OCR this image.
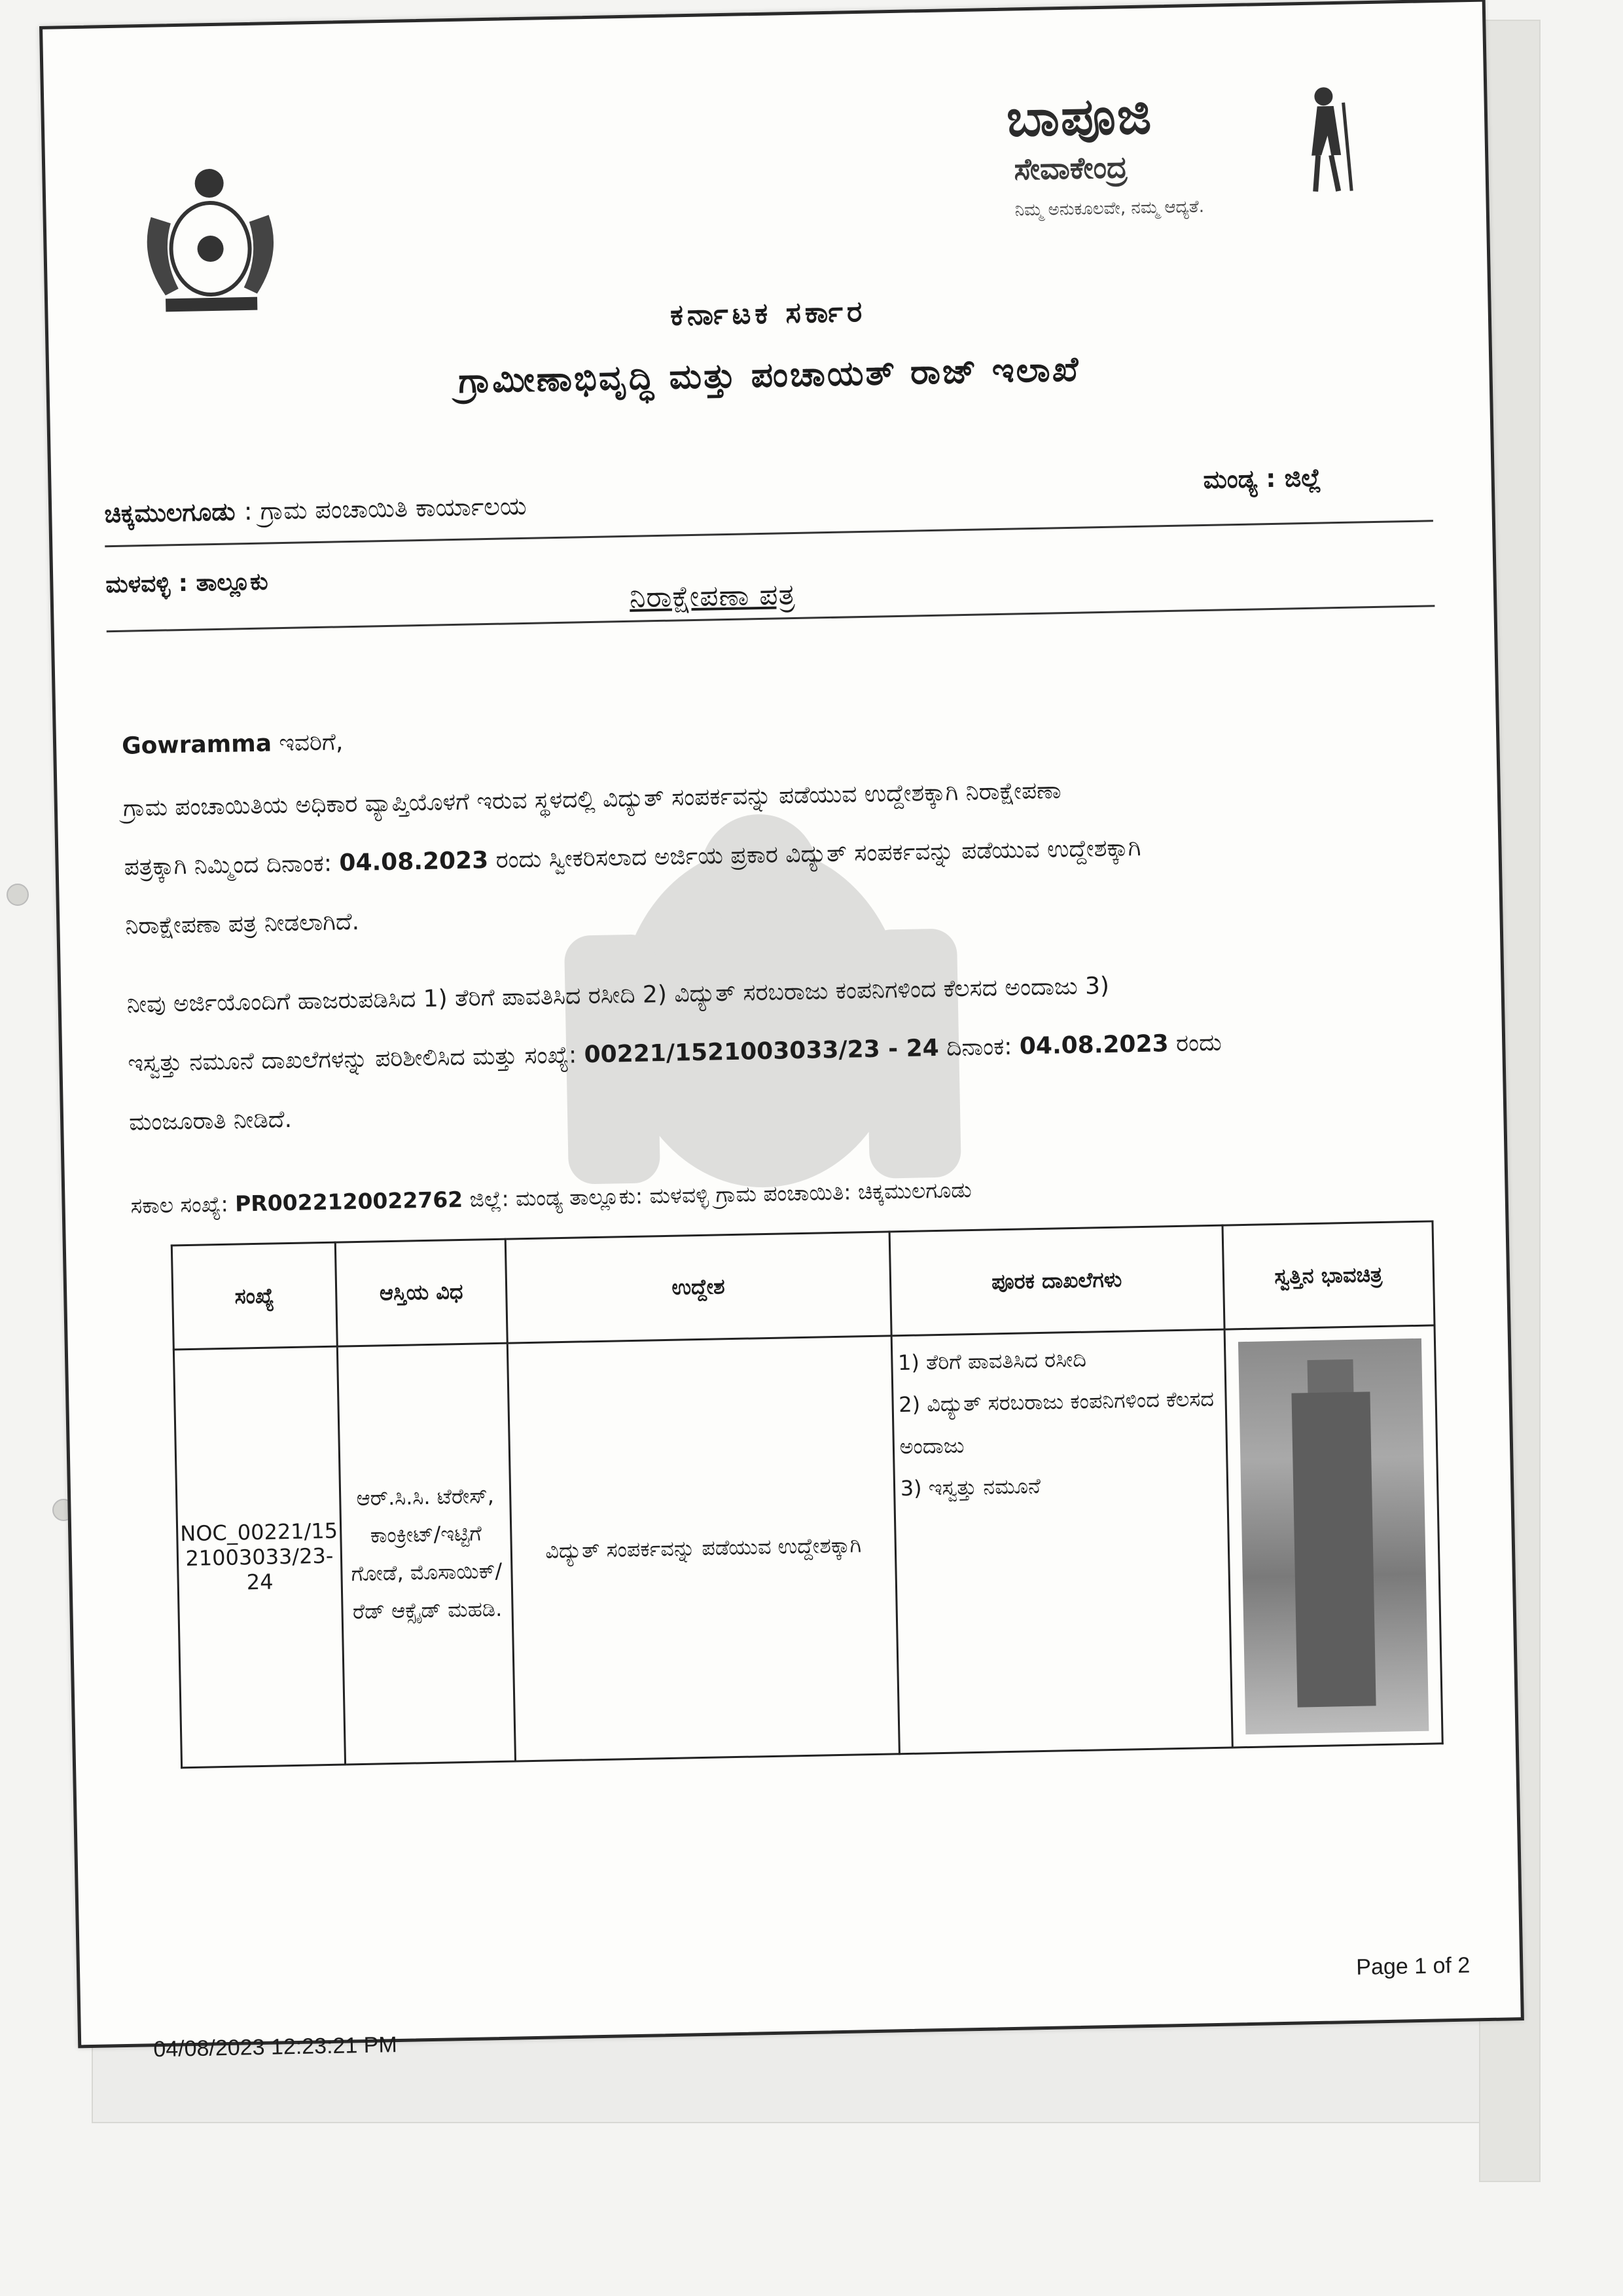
ಬಾಪೂಜಿ
ಸೇವಾಕೇಂದ್ರ
ನಿಮ್ಮ ಅನುಕೂಲವೇ, ನಮ್ಮ ಆದ್ಯತೆ.
ಕರ್ನಾಟಕ ಸರ್ಕಾರ
ಗ್ರಾಮೀಣಾಭಿವೃದ್ಧಿ ಮತ್ತು ಪಂಚಾಯತ್ ರಾಜ್ ಇಲಾಖೆ
ಚಿಕ್ಕಮುಲಗೂಡು : ಗ್ರಾಮ ಪಂಚಾಯಿತಿ ಕಾರ್ಯಾಲಯ
ಮಂಡ್ಯ : ಜಿಲ್ಲೆ
ಮಳವಳ್ಳಿ : ತಾಲ್ಲೂಕು	ನಿರಾಕ್ಷೇಪಣಾ ಪತ್ರ
Gowramma ಇವರಿಗೆ,
ಗ್ರಾಮ ಪಂಚಾಯಿತಿಯ ಅಧಿಕಾರ ವ್ಯಾಪ್ತಿಯೊಳಗೆ ಇರುವ ಸ್ಥಳದಲ್ಲಿ ವಿದ್ಯುತ್ ಸಂಪರ್ಕವನ್ನು ಪಡೆಯುವ ಉದ್ದೇಶಕ್ಕಾಗಿ ನಿರಾಕ್ಷೇಪಣಾ
ಪತ್ರಕ್ಕಾಗಿ ನಿಮ್ಮಿಂದ ದಿನಾಂಕ: 04.08.2023 ರಂದು ಸ್ವೀಕರಿಸಲಾದ ಅರ್ಜಿಯ ಪ್ರಕಾರ ವಿದ್ಯುತ್ ಸಂಪರ್ಕವನ್ನು ಪಡೆಯುವ ಉದ್ದೇಶಕ್ಕಾಗಿ
ನಿರಾಕ್ಷೇಪಣಾ ಪತ್ರ ನೀಡಲಾಗಿದೆ.
ನೀವು ಅರ್ಜಿಯೊಂದಿಗೆ ಹಾಜರುಪಡಿಸಿದ 1) ತೆರಿಗೆ ಪಾವತಿಸಿದ ರಸೀದಿ 2) ವಿದ್ಯುತ್ ಸರಬರಾಜು ಕಂಪನಿಗಳಿಂದ ಕೆಲಸದ ಅಂದಾಜು 3)
ಇಸ್ವತ್ತು ನಮೂನೆ ದಾಖಲೆಗಳನ್ನು ಪರಿಶೀಲಿಸಿದ ಮತ್ತು ಸಂಖ್ಯೆ: 00221/1521003033/23 - 24 ದಿನಾಂಕ: 04.08.2023 ರಂದು
ಮಂಜೂರಾತಿ ನೀಡಿದೆ.
ಸಕಾಲ ಸಂಖ್ಯೆ: PR0022120022762 ಜಿಲ್ಲೆ: ಮಂಡ್ಯ ತಾಲ್ಲೂಕು: ಮಳವಳ್ಳಿ ಗ್ರಾಮ ಪಂಚಾಯಿತಿ: ಚಿಕ್ಕಮುಲಗೂಡು
ಸಂಖ್ಯೆ	ಆಸ್ತಿಯ ವಿಧ	ಉದ್ದೇಶ	ಪೂರಕ ದಾಖಲೆಗಳು	ಸ್ವತ್ತಿನ ಭಾವಚಿತ್ರ
NOC_00221/1521003033/23-24	ಆರ್.ಸಿ.ಸಿ. ಟೆರೇಸ್, ಕಾಂಕ್ರೀಟ್/ಇಟ್ಟಿಗೆ ಗೋಡೆ, ಮೊಸಾಯಿಕ್/ರೆಡ್ ಆಕ್ಸೈಡ್ ಮಹಡಿ.	ವಿದ್ಯುತ್ ಸಂಪರ್ಕವನ್ನು ಪಡೆಯುವ ಉದ್ದೇಶಕ್ಕಾಗಿ	1) ತೆರಿಗೆ ಪಾವತಿಸಿದ ರಸೀದಿ
2) ವಿದ್ಯುತ್ ಸರಬರಾಜು ಕಂಪನಿಗಳಿಂದ ಕೆಲಸದ ಅಂದಾಜು
3) ಇಸ್ವತ್ತು ನಮೂನೆ	

Page 1 of 2
04/08/2023 12:23:21 PM
